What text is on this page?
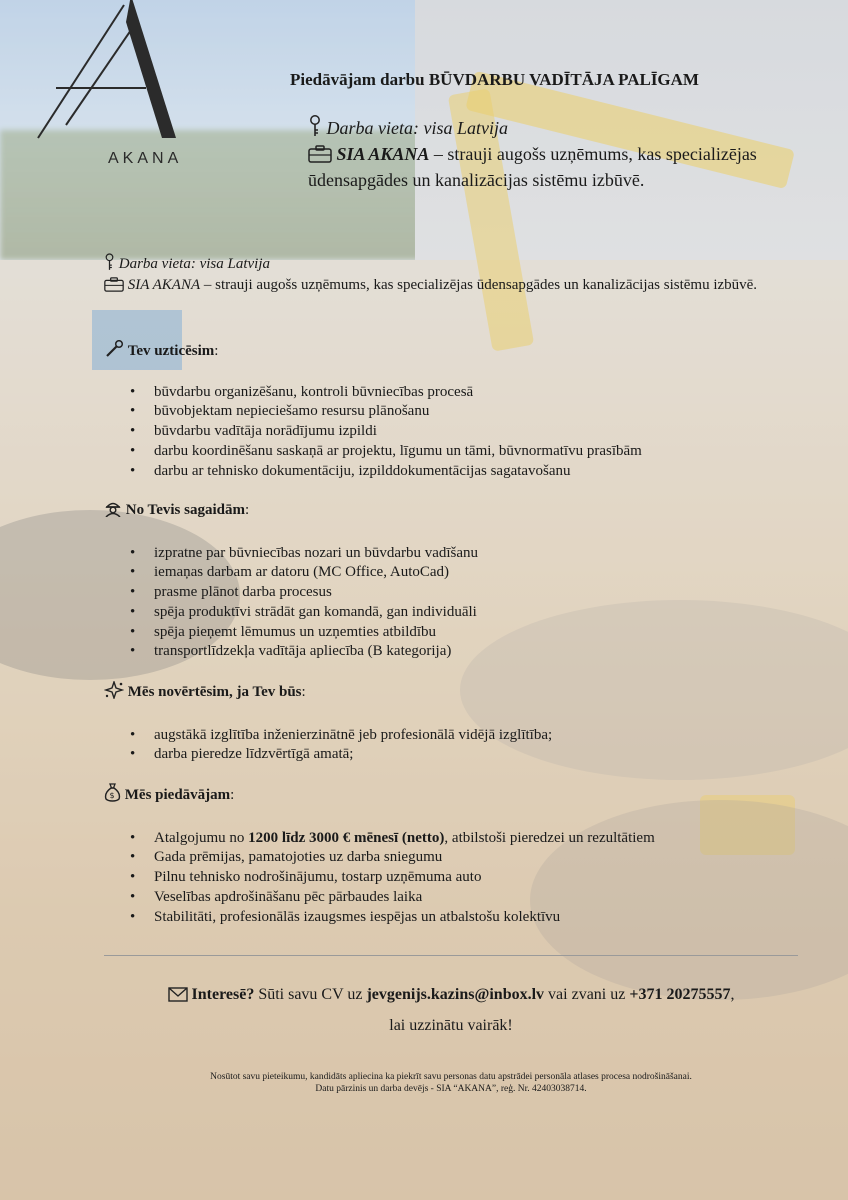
AKANA
Piedāvājam darbu BŪVDARBU VADĪTĀJA PALĪGAM
Darba vieta: visa Latvija
SIA AKANA – strauji augošs uzņēmums, kas specializējas ūdensapgādes un kanalizācijas sistēmu izbūvē.
Darba vieta: visa Latvija
SIA AKANA – strauji augošs uzņēmums, kas specializējas ūdensapgādes un kanalizācijas sistēmu izbūvē.
Tev uzticēsim:
• būvdarbu organizēšanu, kontroli būvniecības procesā
• būvobjektam nepieciešamo resursu plānošanu
• būvdarbu vadītāja norādījumu izpildi
• darbu koordinēšanu saskaņā ar projektu, līgumu un tāmi, būvnormatīvu prasībām
• darbu ar tehnisko dokumentāciju, izpilddokumentācijas sagatavošanu
No Tevis sagaidām:
• izpratne par būvniecības nozari un būvdarbu vadīšanu
• iemaņas darbam ar datoru (MC Office, AutoCad)
• prasme plānot darba procesus
• spēja produktīvi strādāt gan komandā, gan individuāli
• spēja pieņemt lēmumus un uzņemties atbildību
• transportlīdzekļa vadītāja apliecība (B kategorija)
Mēs novērtēsim, ja Tev būs:
• augstākā izglītība inženierzinātnē jeb profesionālā vidējā izglītība;
• darba pieredze līdzvērtīgā amatā;
$ Mēs piedāvājam:
• Atalgojumu no 1200 līdz 3000 € mēnesī (netto), atbilstoši pieredzei un rezultātiem
• Gada prēmijas, pamatojoties uz darba sniegumu
• Pilnu tehnisko nodrošinājumu, tostarp uzņēmuma auto
• Veselības apdrošināšanu pēc pārbaudes laika
• Stabilitāti, profesionālās izaugsmes iespējas un atbalstošu kolektīvu
Interesē? Sūti savu CV uz jevgenijs.kazins@inbox.lv vai zvani uz +371 20275557,
lai uzzinātu vairāk!
Nosūtot savu pieteikumu, kandidāts apliecina ka piekrīt savu personas datu apstrādei personāla atlases procesa nodrošināšanai.
Datu pārzinis un darba devējs - SIA “AKANA”, reģ. Nr. 42403038714.
